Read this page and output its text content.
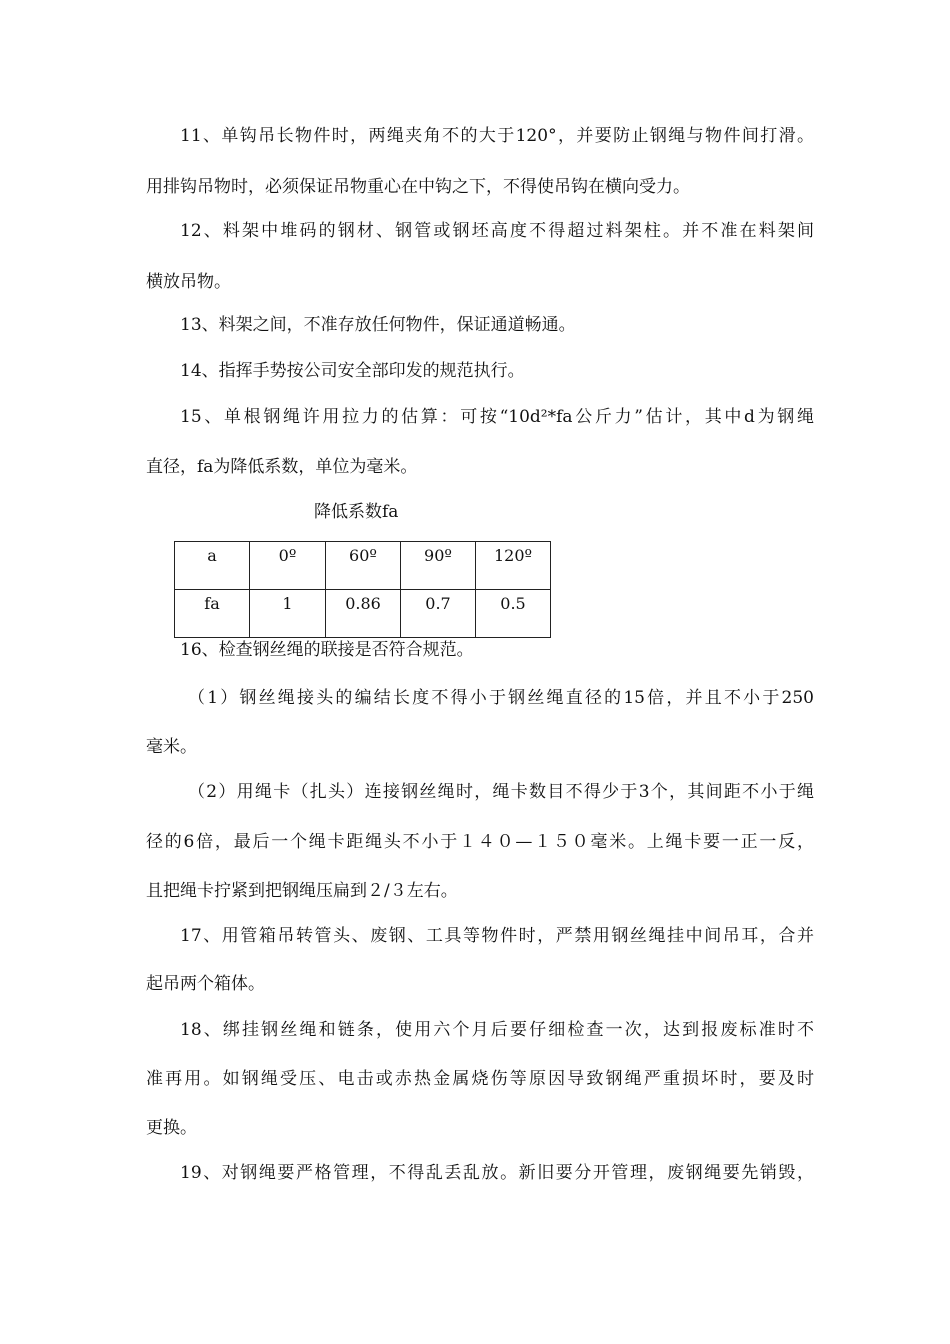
11、单钩吊长物件时，两绳夹角不的大于120°，并要防止钢绳与物件间打滑。
用排钩吊物时，必须保证吊物重心在中钩之下，不得使吊钩在横向受力。
12、料架中堆码的钢材、钢管或钢坯高度不得超过料架柱。并不准在料架间
横放吊物。
13、料架之间，不准存放任何物件，保证通道畅通。
14、指挥手势按公司安全部印发的规范执行。
15、单根钢绳许用拉力的估算：可按“10d²*fa公斤力”估计，其中d为钢绳
直径，fa为降低系数，单位为毫米。
降低系数fa
a	0º	60º	90º	120º
fa	1	0.86	0.7	0.5
16、检查钢丝绳的联接是否符合规范。
（1）钢丝绳接头的编结长度不得小于钢丝绳直径的15倍，并且不小于250
毫米。
（2）用绳卡（扎头）连接钢丝绳时，绳卡数目不得少于3个，其间距不小于绳
径的6倍，最后一个绳卡距绳头不小于１４０—１５０毫米。上绳卡要一正一反，
且把绳卡拧紧到把钢绳压扁到２/３左右。
17、用管箱吊转管头、废钢、工具等物件时，严禁用钢丝绳挂中间吊耳，合并
起吊两个箱体。
18、绑挂钢丝绳和链条，使用六个月后要仔细检查一次，达到报废标准时不
准再用。如钢绳受压、电击或赤热金属烧伤等原因导致钢绳严重损坏时，要及时
更换。
19、对钢绳要严格管理，不得乱丢乱放。新旧要分开管理，废钢绳要先销毁，
